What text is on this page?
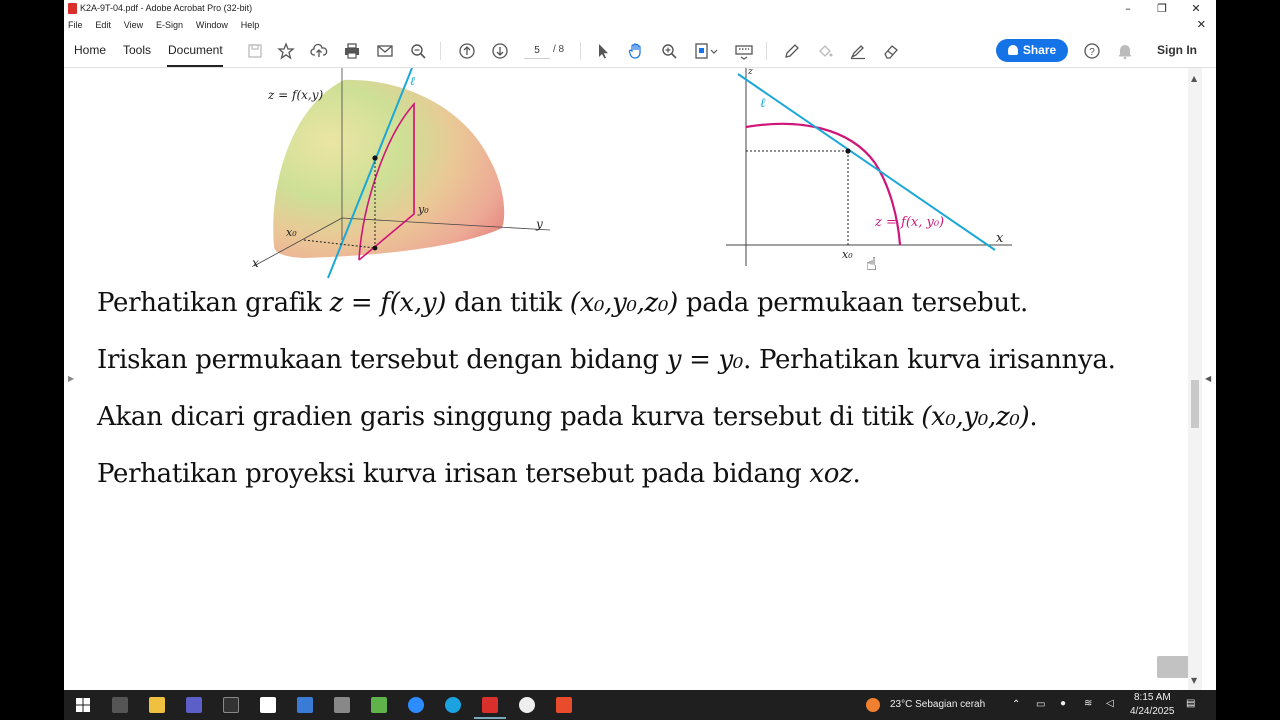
K2A-9T-04.pdf - Adobe Acrobat Pro (32-bit)	–	❐	✕
File Edit View E-Sign Window Help	✕
Home Tools Document
5	/ 8	Share	?	Sign In
z = f(x,y)
ℓ
y
x
x₀
y₀
ℓ
z = f(x, y₀)
x
x₀
z
☝
Perhatikan grafik z = f(x,y) dan titik (x₀,y₀,z₀) pada permukaan tersebut.
Iriskan permukaan tersebut dengan bidang y = y₀. Perhatikan kurva irisannya.
Akan dicari gradien garis singgung pada kurva tersebut di titik (x₀,y₀,z₀).
Perhatikan proyeksi kurva irisan tersebut pada bidang xoz.
▲
▼
◀
▶
23°C Sebagian cerah	⌃ ▭ ● ≋ ◁
8:15 AM
4/24/2025
▤
